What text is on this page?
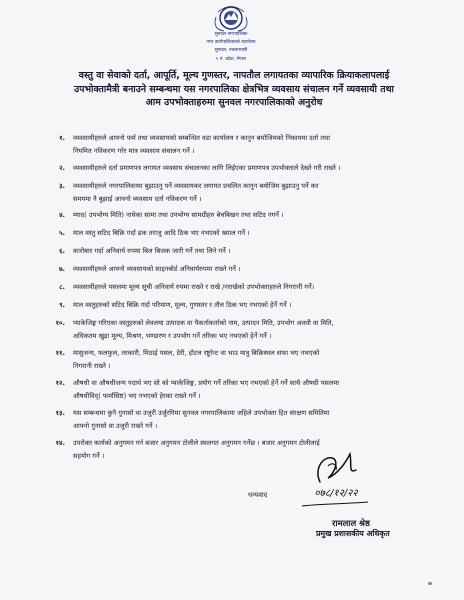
सुनवल नगरपालिका
नगर कार्यपालिकाको कार्यालय
सुनवल, नवलपरासी
५ नं. प्रदेश, नेपाल
वस्तु वा सेवाको दर्ता, आपूर्ति, मूल्य गुणस्तर, नापतौल लगायतका व्यापारिक क्रियाकलापलाई
उपभोक्तामैत्री बनाउने सम्बन्धमा यस नगरपालिका क्षेत्रभित्र व्यवसाय संचालन गर्ने व्यवसायी तथा
आम उपभोक्ताहरुमा सुनवल नगरपालिकाको अनुरोध
१. व्यवसायीहरुले आफ्नो फर्म तथा व्यवसायको सम्बन्धित वडा कार्यालय र कानुन बमोजिमको निकायमा दर्ता तथा
नियमित नविकरण गरेर मात्र व्यवसाय संचालन गर्ने ।
२. व्यवसायीहरुले दर्ता प्रमाणपत्र लगायत व्यवसाय संचालनका लागि लिईएका प्रमाणपत्र उपभोक्ताले देख्ने गरी राख्ने ।
३. व्यवसायीहरुले नगरपालिकामा बुझाउनु पर्ने व्यवसायकर लगायत प्रचलित कानुन बमोजिम बुझाउनु पर्ने कर
समयमा नै बुझाई आफ्नो व्यवसाय दर्ता नविकरण गर्ने ।
४. म्याद( उपभोग्य मिति) नाघेका सामा तथा उपभोग्य सामग्रीहरु बेचबिखन तथा सटिद नगर्ने ।
५. माल वस्तु सटिद बिक्रि गर्दा ढक तराजु आदि ठिक भए नभएको ख्याल गर्ने ।
६. कारोबार गर्दा अनिवार्य रुपमा बिल बिजक जारी गर्ने तथा लिने गर्ने ।
७. व्यवसायीहरुले आफ्नो व्यवसायको साइनबोर्ड अनिवार्यरुपमा राख्ने गर्ने ।
८. व्यवसायीहरुले पसलमा मूल्य सूची अनिवार्य रुपमा राख्ने र राखे /नराखेको उपभोक्ताहरुले निगरानी गर्ने।
९. माल वस्तुहरुको सटिद बिक्रि गर्दा परिमाण, मूल्य, गुणस्तर र तौल ठिक भए नभएको हेर्ने गर्ने ।
१०. प्याकेजिङ्ग गरिएका वस्तुहरुको लेवलमा उत्पादक वा पैकर्ताकर्ताको नाम, उत्पादन मिति, उपभोग अवधी वा मिति,
अधिकतम खुद्रा मूल्य, मिश्रण, भण्डारण र उपभोग गर्ने तरिका भए नभएको हेर्ने गर्ने ।
११. मासुजन्य, फलफुल, तरकारी, मिठाई पसल, डेरी, होटल रष्टुरेन्ट वा भाउ मात्रु बिक्रिस्थल सफा भए नभएको
निगरानी राख्ने ।
१२. औषधी वा औषधीजन्य पदार्थ भए सो को प्याकेजिङ्ग, प्रयोग गर्ने तरिका भए नभएको हेर्ने गर्ने साथै औषधी पसलमा
औषधीविद्( फर्मासिष्ट) भए नभएको हेरका राख्ने गर्ने ।
१३. यस सम्बन्धमा कुनै गुनासो वा उजुरी उर्जुरगिमा सुनवल नगरपालिकामा जहिले उपभोक्ता हित संरक्षण समितिमा
आफ्नो गुनासो वा उजुरी राख्ने गर्ने ।
१४. उपरोक्त कार्यको अनुगमन गर्न बजार अनुगमन टोलीले स्थलगत अनुगमन गर्नेछ । बजार अनुगमन टोलीलाई
सहयोग गर्ने ।
धन्यवाद	०७८/१२/२२
रामलाल श्रेष्ठ
प्रमुख प्रशासकीय अधिकृत
